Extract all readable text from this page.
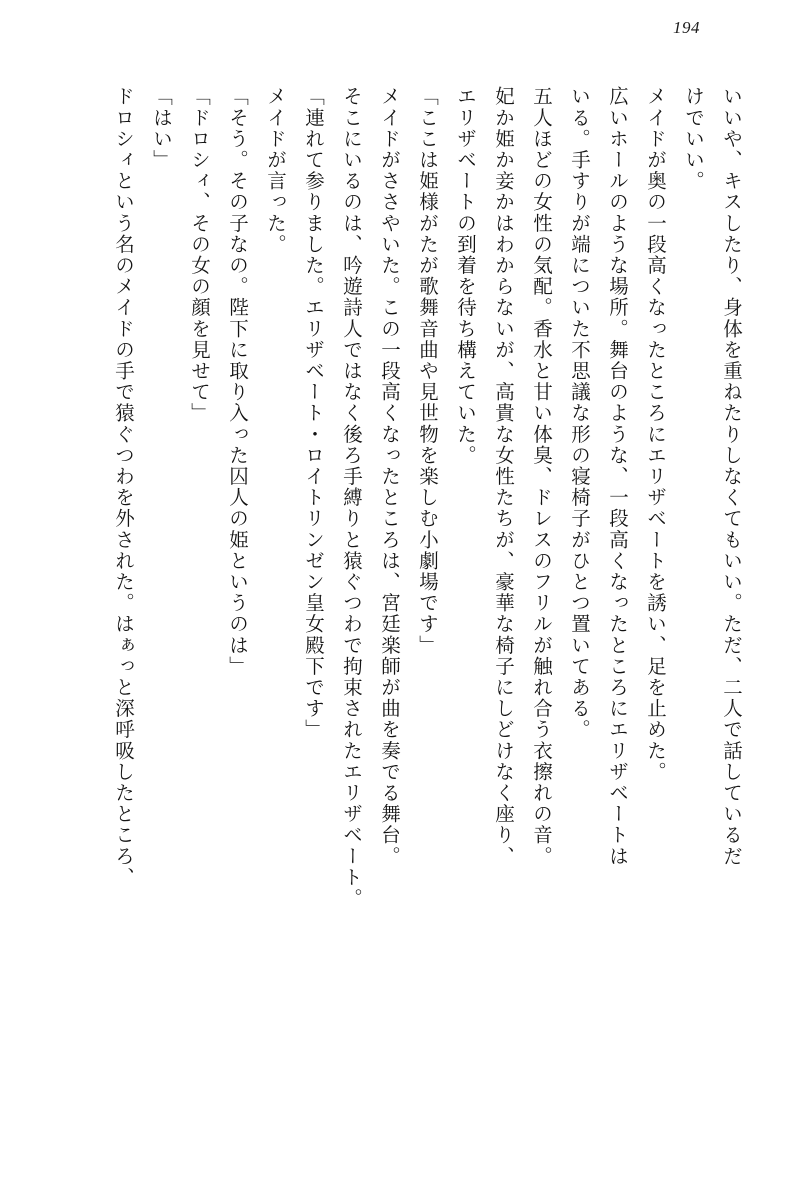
194
いいや、キスしたり、身体を重ねたりしなくてもいい。ただ、二人で話しているだ
けでいい。
メイドが奥の一段高くなったところにエリザベートを誘い、足を止めた。
広いホールのような場所。舞台のような、一段高くなったところにエリザベートは
いる。手すりが端についた不思議な形の寝椅子がひとつ置いてある。
五人ほどの女性の気配。香水と甘い体臭、ドレスのフリルが触れ合う衣擦れの音。
妃か姫か妾かはわからないが、高貴な女性たちが、豪華な椅子にしどけなく座り、
エリザベートの到着を待ち構えていた。
「ここは姫様がたが歌舞音曲や見世物を楽しむ小劇場です」
メイドがささやいた。この一段高くなったところは、宮廷楽師が曲を奏でる舞台。
そこにいるのは、吟遊詩人ではなく後ろ手縛りと猿ぐつわで拘束されたエリザベート。
「連れて参りました。エリザベート・ロイトリンゼン皇女殿下です」
メイドが言った。
「そう。その子なの。陛下に取り入った囚人の姫というのは」
「ドロシィ、その女の顔を見せて」
「はい」
ドロシィという名のメイドの手で猿ぐつわを外された。はぁっと深呼吸したところ、
